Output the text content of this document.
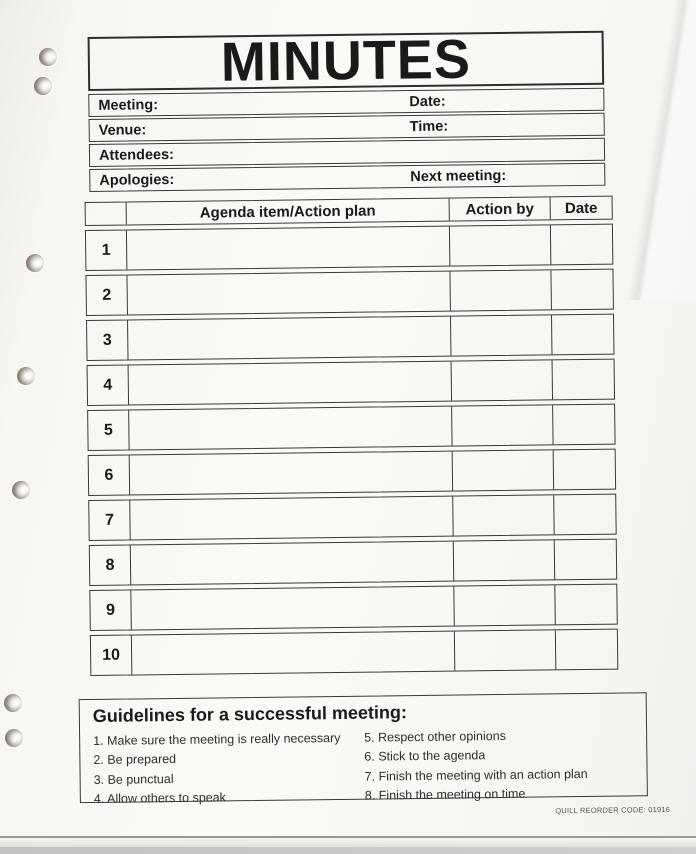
MINUTES
Meeting:	Date:
Venue:	Time:
Attendees:
Apologies:	Next meeting:
Agenda item/Action plan	Action by	Date
1
2
3
4
5
6
7
8
9
10
Guidelines for a successful meeting:
1. Make sure the meeting is really necessary
2. Be prepared
3. Be punctual
4. Allow others to speak
5. Respect other opinions
6. Stick to the agenda
7. Finish the meeting with an action plan
8. Finish the meeting on time
QUILL REORDER CODE: 01916
